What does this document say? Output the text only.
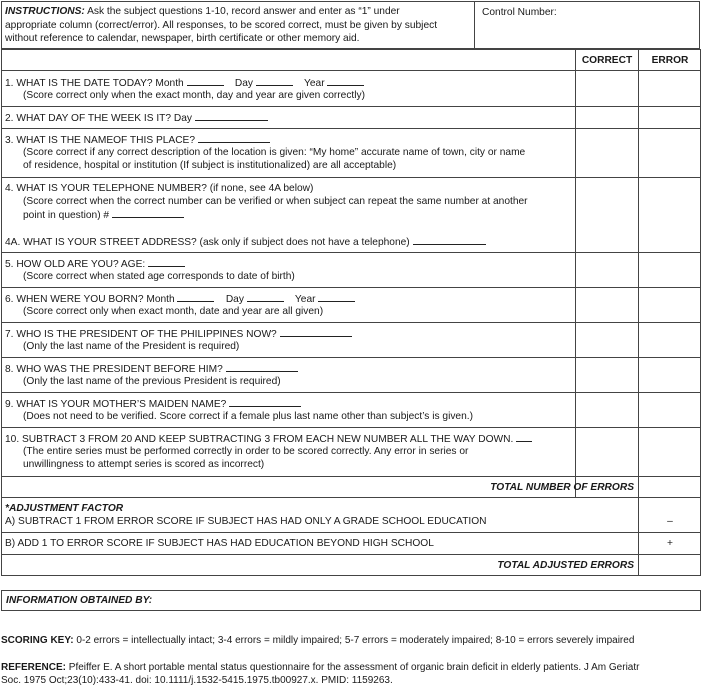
INSTRUCTIONS: Ask the subject questions 1-10, record answer and enter as “1” under
appropriate column (correct/error). All responses, to be scored correct, must be given by subject
without reference to calendar, newspaper, birth certificate or other memory aid.
Control Number:
CORRECT	ERROR
1. WHAT IS THE DATE TODAY? Month	Day	Year
(Score correct only when the exact month, day and year are given correctly)
2. WHAT DAY OF THE WEEK IS IT? Day
3. WHAT IS THE NAMEOF THIS PLACE?
(Score correct if any correct description of the location is given: “My home” accurate name of town, city or name
of residence, hospital or institution (If subject is institutionalized) are all acceptable)
4. WHAT IS YOUR TELEPHONE NUMBER? (if none, see 4A below)
(Score correct when the correct number can be verified or when subject can repeat the same number at another
point in question) #
4A. WHAT IS YOUR STREET ADDRESS? (ask only if subject does not have a telephone)
5. HOW OLD ARE YOU? AGE:
(Score correct when stated age corresponds to date of birth)
6. WHEN WERE YOU BORN? Month	Day	Year
(Score correct only when exact month, date and year are all given)
7. WHO IS THE PRESIDENT OF THE PHILIPPINES NOW?
(Only the last name of the President is required)
8. WHO WAS THE PRESIDENT BEFORE HIM?
(Only the last name of the previous President is required)
9. WHAT IS YOUR MOTHER’S MAIDEN NAME?
(Does not need to be verified. Score correct if a female plus last name other than subject’s is given.)
10. SUBTRACT 3 FROM 20 AND KEEP SUBTRACTING 3 FROM EACH NEW NUMBER ALL THE WAY DOWN.
(The entire series must be performed correctly in order to be scored correctly. Any error in series or
unwillingness to attempt series is scored as incorrect)
TOTAL NUMBER OF ERRORS
*ADJUSTMENT FACTOR
A) SUBTRACT 1 FROM ERROR SCORE IF SUBJECT HAS HAD ONLY A GRADE SCHOOL EDUCATION	–
B) ADD 1 TO ERROR SCORE IF SUBJECT HAS HAD EDUCATION BEYOND HIGH SCHOOL	+
TOTAL ADJUSTED ERRORS
INFORMATION OBTAINED BY:
SCORING KEY: 0-2 errors = intellectually intact; 3-4 errors = mildly impaired; 5-7 errors = moderately impaired; 8-10 = errors severely impaired
REFERENCE: Pfeiffer E. A short portable mental status questionnaire for the assessment of organic brain deficit in elderly patients. J Am Geriatr
Soc. 1975 Oct;23(10):433-41. doi: 10.1111/j.1532-5415.1975.tb00927.x. PMID: 1159263.
